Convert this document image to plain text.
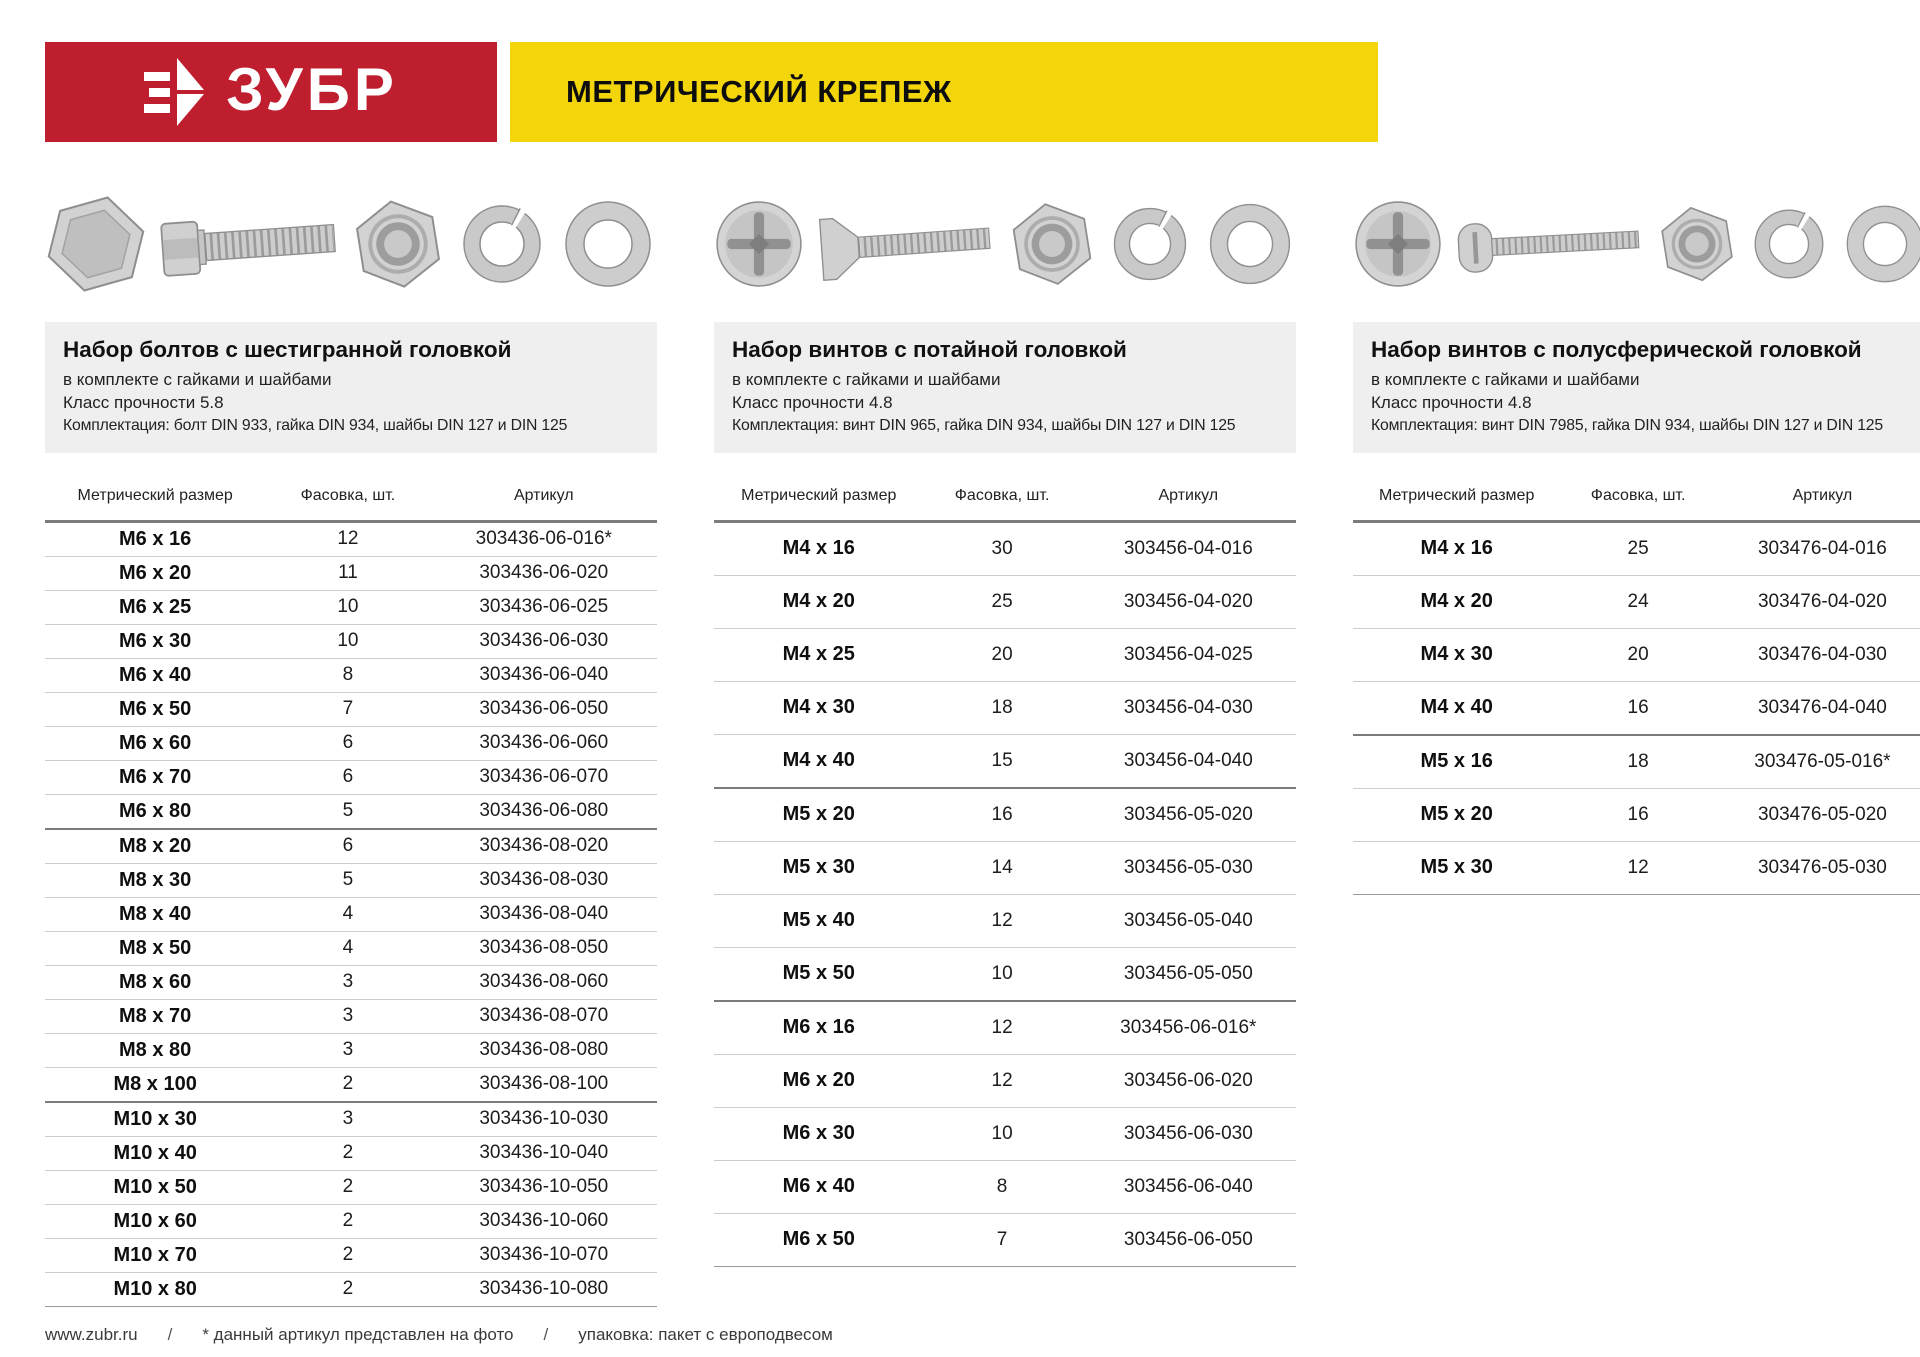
ЗУБР	МЕТРИЧЕСКИЙ КРЕПЕЖ
Набор болтов с шестигранной головкой

в комплекте с гайками и шайбами

Класс прочности 5.8

Комплектация: болт DIN 933, гайка DIN 934, шайбы DIN 127 и DIN 125

Метрический размер	Фасовка, шт.	Артикул
М6 х 16	12	303436-06-016*
М6 х 20	11	303436-06-020
М6 х 25	10	303436-06-025
М6 х 30	10	303436-06-030
М6 х 40	8	303436-06-040
М6 х 50	7	303436-06-050
М6 х 60	6	303436-06-060
М6 х 70	6	303436-06-070
М6 х 80	5	303436-06-080
М8 х 20	6	303436-08-020
М8 х 30	5	303436-08-030
М8 х 40	4	303436-08-040
М8 х 50	4	303436-08-050
М8 х 60	3	303436-08-060
М8 х 70	3	303436-08-070
М8 х 80	3	303436-08-080
М8 х 100	2	303436-08-100
М10 х 30	3	303436-10-030
М10 х 40	2	303436-10-040
М10 х 50	2	303436-10-050
М10 х 60	2	303436-10-060
М10 х 70	2	303436-10-070
М10 х 80	2	303436-10-080
Набор винтов с потайной головкой

в комплекте с гайками и шайбами

Класс прочности 4.8

Комплектация: винт DIN 965, гайка DIN 934, шайбы DIN 127 и DIN 125

Метрический размер	Фасовка, шт.	Артикул
М4 х 16	30	303456-04-016
М4 х 20	25	303456-04-020
М4 х 25	20	303456-04-025
М4 х 30	18	303456-04-030
М4 х 40	15	303456-04-040
М5 х 20	16	303456-05-020
М5 х 30	14	303456-05-030
М5 х 40	12	303456-05-040
М5 х 50	10	303456-05-050
М6 х 16	12	303456-06-016*
М6 х 20	12	303456-06-020
М6 х 30	10	303456-06-030
М6 х 40	8	303456-06-040
М6 х 50	7	303456-06-050
Набор винтов с полусферической головкой

в комплекте с гайками и шайбами

Класс прочности 4.8

Комплектация: винт DIN 7985, гайка DIN 934, шайбы DIN 127 и DIN 125

Метрический размер	Фасовка, шт.	Артикул
М4 х 16	25	303476-04-016
М4 х 20	24	303476-04-020
М4 х 30	20	303476-04-030
М4 х 40	16	303476-04-040
М5 х 16	18	303476-05-016*
М5 х 20	16	303476-05-020
М5 х 30	12	303476-05-030
www.zubr.ru / * данный артикул представлен на фото / упаковка: пакет с европодвесом
